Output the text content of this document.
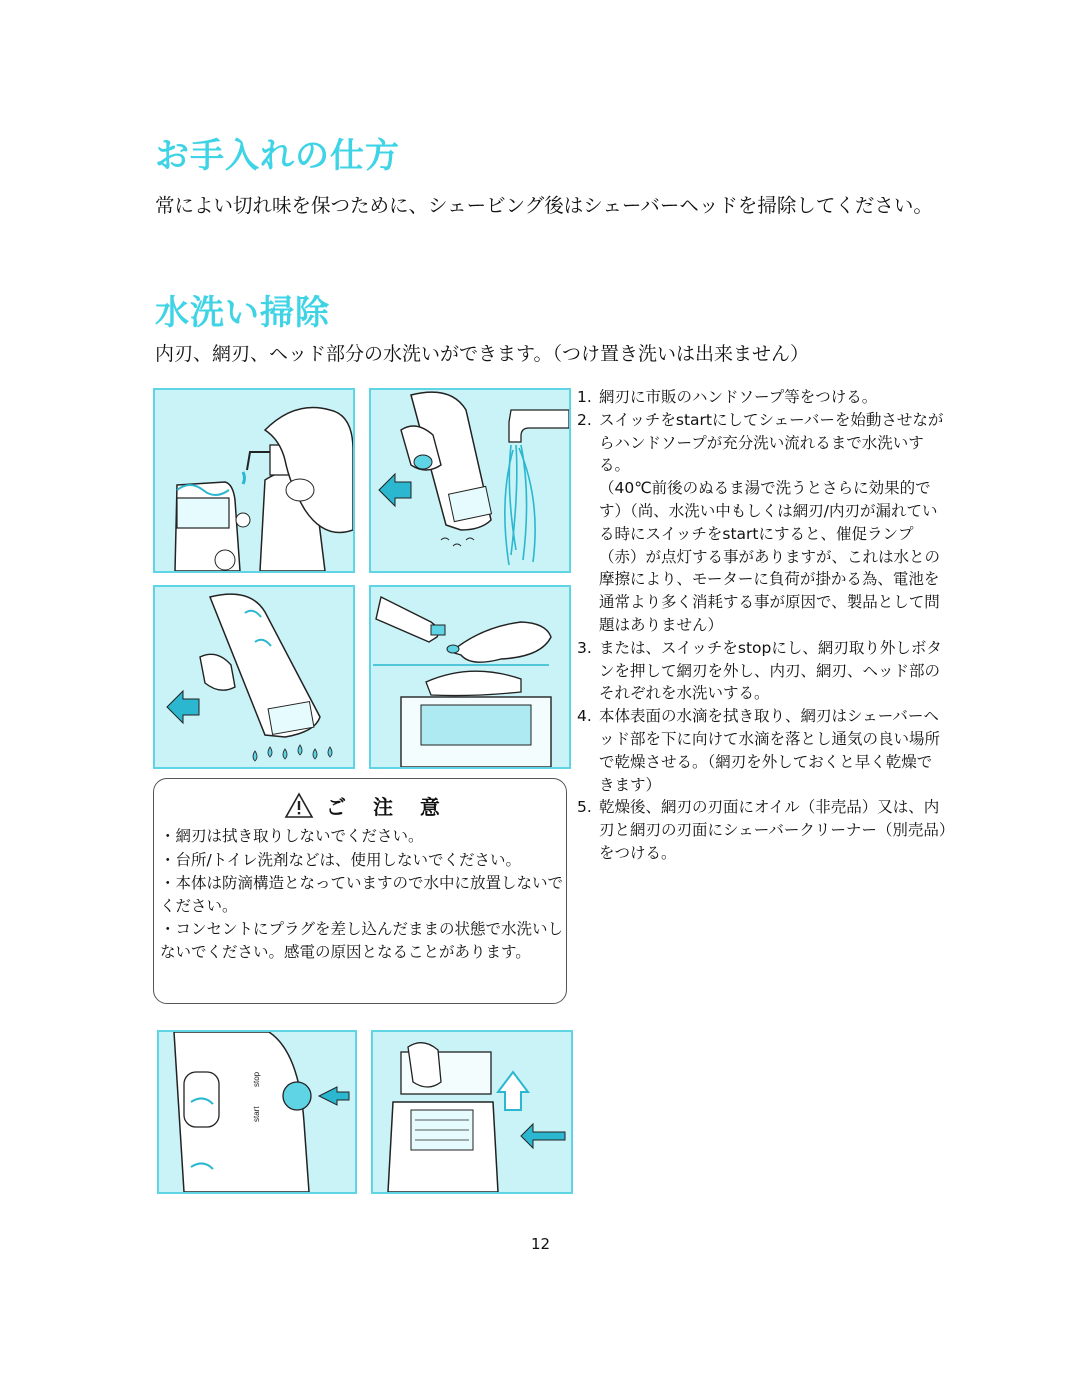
お手入れの仕方
常によい切れ味を保つために、シェービング後はシェーバーヘッドを掃除してください。
水洗い掃除
内刃、網刃、ヘッド部分の水洗いができます。（つけ置き洗いは出来ません）
1. 網刃に市販のハンドソープ等をつける。
2. スイッチをstartにしてシェーバーを始動させながらハンドソープが充分洗い流れるまで水洗いする。
（40℃前後のぬるま湯で洗うとさらに効果的です）（尚、水洗い中もしくは網刃/内刃が漏れている時にスイッチをstartにすると、催促ランプ（赤）が点灯する事がありますが、これは水との摩擦により、モーターに負荷が掛かる為、電池を通常より多く消耗する事が原因で、製品として問題はありません）
3. または、スイッチをstopにし、網刃取り外しボタンを押して網刃を外し、内刃、網刃、ヘッド部のそれぞれを水洗いする。
4. 本体表面の水滴を拭き取り、網刃はシェーバーヘッド部を下に向けて水滴を落とし通気の良い場所で乾燥させる。（網刃を外しておくと早く乾燥できます）
5. 乾燥後、網刃の刃面にオイル（非売品）又は、内刃と網刃の刃面にシェーバークリーナー（別売品）をつける。
ご 注 意
・網刃は拭き取りしないでください。
・台所/トイレ洗剤などは、使用しないでください。
・本体は防滴構造となっていますので水中に放置しないでください。
・コンセントにプラグを差し込んだままの状態で水洗いしないでください。感電の原因となることがあります。
start
stop
12
